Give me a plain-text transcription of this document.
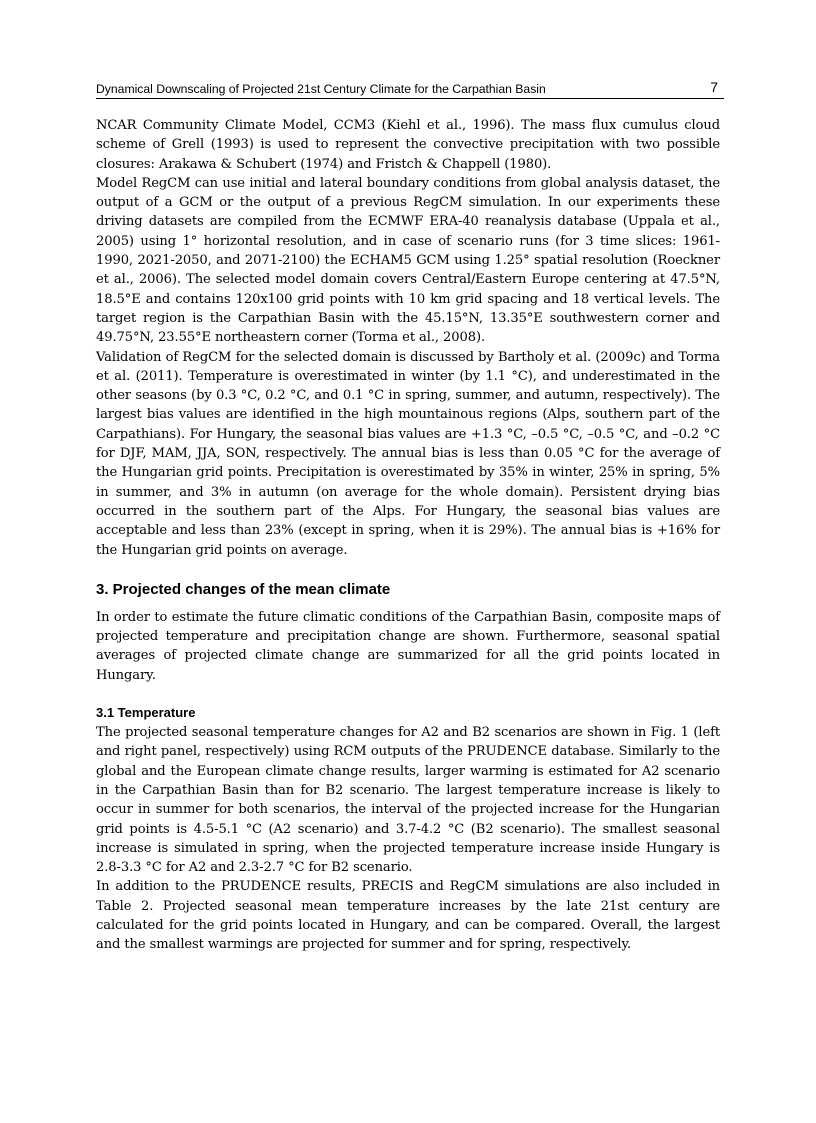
Dynamical Downscaling of Projected 21st Century Climate for the Carpathian Basin	7

NCAR Community Climate Model, CCM3 (Kiehl et al., 1996). The mass flux cumulus cloud scheme of Grell (1993) is used to represent the convective precipitation with two possible closures: Arakawa & Schubert (1974) and Fristch & Chappell (1980).

Model RegCM can use initial and lateral boundary conditions from global analysis dataset, the output of a GCM or the output of a previous RegCM simulation. In our experiments these driving datasets are compiled from the ECMWF ERA-40 reanalysis database (Uppala et al., 2005) using 1° horizontal resolution, and in case of scenario runs (for 3 time slices: 1961-1990, 2021-2050, and 2071-2100) the ECHAM5 GCM using 1.25° spatial resolution (Roeckner et al., 2006). The selected model domain covers Central/Eastern Europe centering at 47.5°N, 18.5°E and contains 120x100 grid points with 10 km grid spacing and 18 vertical levels. The target region is the Carpathian Basin with the 45.15°N, 13.35°E southwestern corner and 49.75°N, 23.55°E northeastern corner (Torma et al., 2008).

Validation of RegCM for the selected domain is discussed by Bartholy et al. (2009c) and Torma et al. (2011). Temperature is overestimated in winter (by 1.1 °C), and underestimated in the other seasons (by 0.3 °C, 0.2 °C, and 0.1 °C in spring, summer, and autumn, respectively). The largest bias values are identified in the high mountainous regions (Alps, southern part of the Carpathians). For Hungary, the seasonal bias values are +1.3 °C, –0.5 °C, –0.5 °C, and –0.2 °C for DJF, MAM, JJA, SON, respectively. The annual bias is less than 0.05 °C for the average of the Hungarian grid points. Precipitation is overestimated by 35% in winter, 25% in spring, 5% in summer, and 3% in autumn (on average for the whole domain). Persistent drying bias occurred in the southern part of the Alps. For Hungary, the seasonal bias values are acceptable and less than 23% (except in spring, when it is 29%). The annual bias is +16% for the Hungarian grid points on average.

3. Projected changes of the mean climate

In order to estimate the future climatic conditions of the Carpathian Basin, composite maps of projected temperature and precipitation change are shown. Furthermore, seasonal spatial averages of projected climate change are summarized for all the grid points located in Hungary.

3.1 Temperature

The projected seasonal temperature changes for A2 and B2 scenarios are shown in Fig. 1 (left and right panel, respectively) using RCM outputs of the PRUDENCE database. Similarly to the global and the European climate change results, larger warming is estimated for A2 scenario in the Carpathian Basin than for B2 scenario. The largest temperature increase is likely to occur in summer for both scenarios, the interval of the projected increase for the Hungarian grid points is 4.5-5.1 °C (A2 scenario) and 3.7-4.2 °C (B2 scenario). The smallest seasonal increase is simulated in spring, when the projected temperature increase inside Hungary is 2.8-3.3 °C for A2 and 2.3-2.7 °C for B2 scenario.

In addition to the PRUDENCE results, PRECIS and RegCM simulations are also included in Table 2. Projected seasonal mean temperature increases by the late 21st century are calculated for the grid points located in Hungary, and can be compared. Overall, the largest and the smallest warmings are projected for summer and for spring, respectively.
